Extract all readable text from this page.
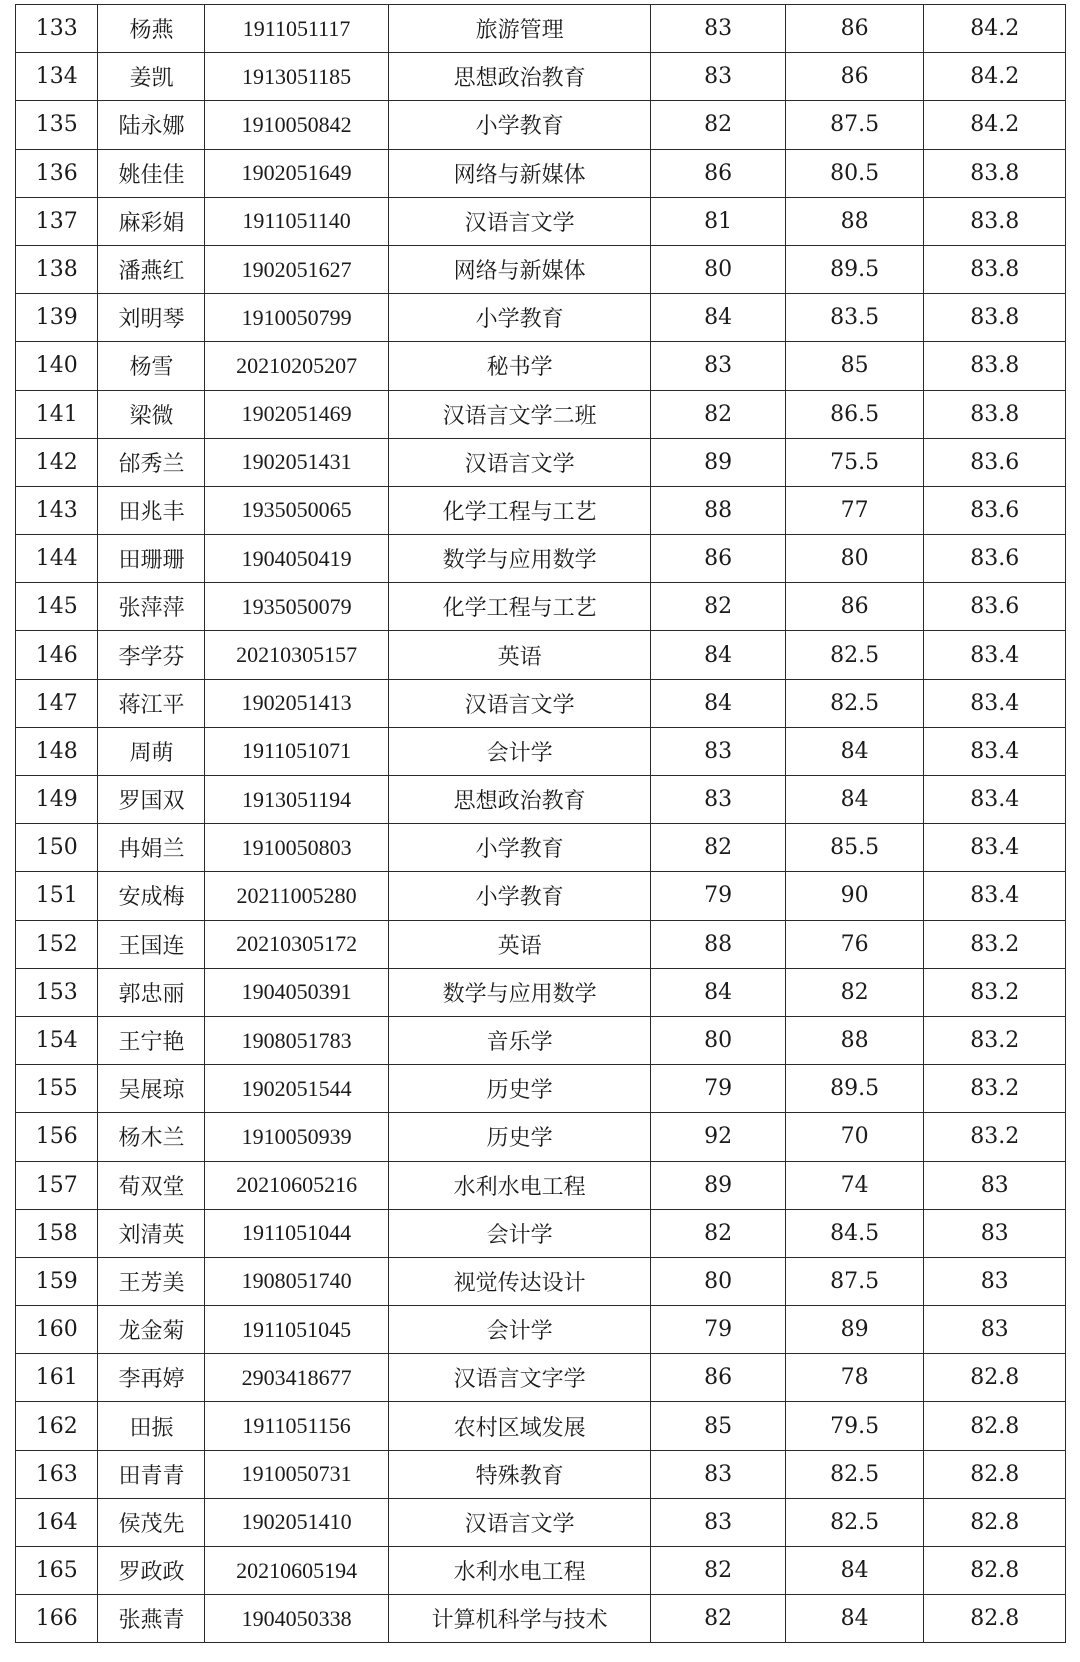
133	杨燕	1911051117	旅游管理	83	86	84.2
134	姜凯	1913051185	思想政治教育	83	86	84.2
135	陆永娜	1910050842	小学教育	82	87.5	84.2
136	姚佳佳	1902051649	网络与新媒体	86	80.5	83.8
137	麻彩娟	1911051140	汉语言文学	81	88	83.8
138	潘燕红	1902051627	网络与新媒体	80	89.5	83.8
139	刘明琴	1910050799	小学教育	84	83.5	83.8
140	杨雪	20210205207	秘书学	83	85	83.8
141	梁微	1902051469	汉语言文学二班	82	86.5	83.8
142	邰秀兰	1902051431	汉语言文学	89	75.5	83.6
143	田兆丰	1935050065	化学工程与工艺	88	77	83.6
144	田珊珊	1904050419	数学与应用数学	86	80	83.6
145	张萍萍	1935050079	化学工程与工艺	82	86	83.6
146	李学芬	20210305157	英语	84	82.5	83.4
147	蒋江平	1902051413	汉语言文学	84	82.5	83.4
148	周萌	1911051071	会计学	83	84	83.4
149	罗国双	1913051194	思想政治教育	83	84	83.4
150	冉娟兰	1910050803	小学教育	82	85.5	83.4
151	安成梅	20211005280	小学教育	79	90	83.4
152	王国连	20210305172	英语	88	76	83.2
153	郭忠丽	1904050391	数学与应用数学	84	82	83.2
154	王宁艳	1908051783	音乐学	80	88	83.2
155	吴展琼	1902051544	历史学	79	89.5	83.2
156	杨木兰	1910050939	历史学	92	70	83.2
157	荀双堂	20210605216	水利水电工程	89	74	83
158	刘清英	1911051044	会计学	82	84.5	83
159	王芳美	1908051740	视觉传达设计	80	87.5	83
160	龙金菊	1911051045	会计学	79	89	83
161	李再婷	2903418677	汉语言文字学	86	78	82.8
162	田振	1911051156	农村区域发展	85	79.5	82.8
163	田青青	1910050731	特殊教育	83	82.5	82.8
164	侯茂先	1902051410	汉语言文学	83	82.5	82.8
165	罗政政	20210605194	水利水电工程	82	84	82.8
166	张燕青	1904050338	计算机科学与技术	82	84	82.8
